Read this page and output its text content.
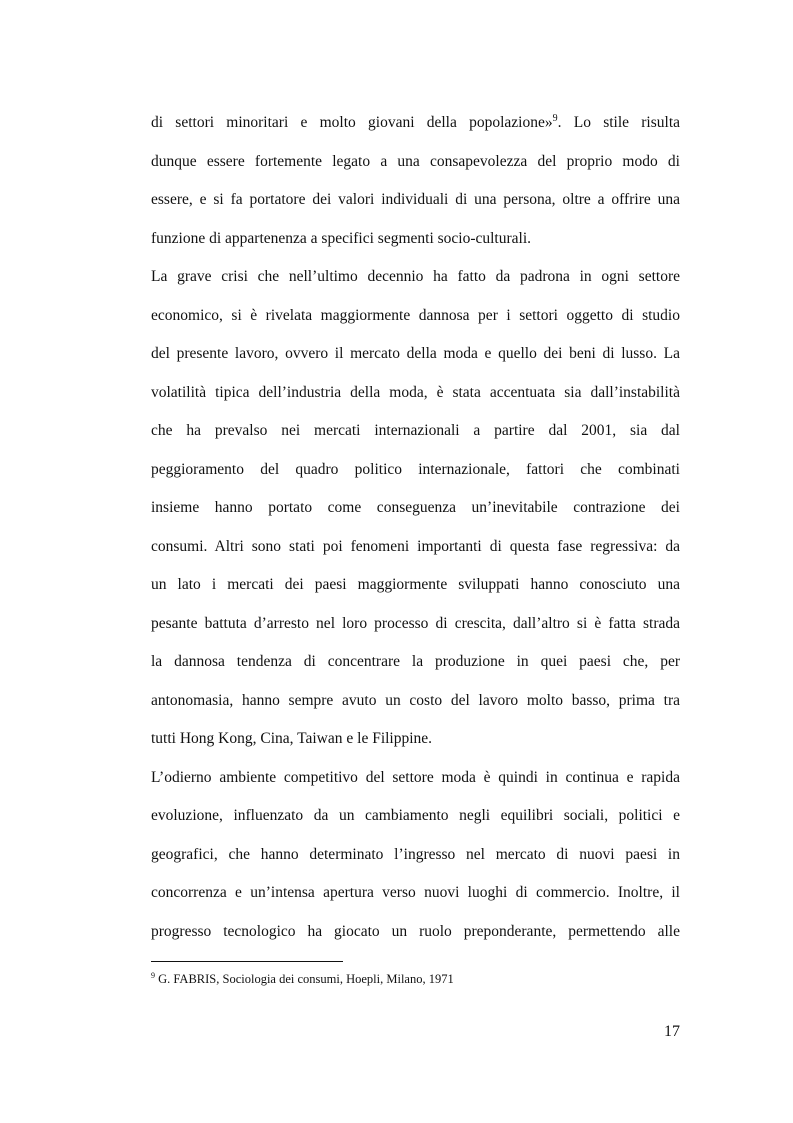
di settori minoritari e molto giovani della popolazione»$^9$. Lo stile risulta
dunque essere fortemente legato a una consapevolezza del proprio modo di
essere, e si fa portatore dei valori individuali di una persona, oltre a offrire una
funzione di appartenenza a specifici segmenti socio-culturali.
La grave crisi che nell’ultimo decennio ha fatto da padrona in ogni settore
economico, si è rivelata maggiormente dannosa per i settori oggetto di studio
del presente lavoro, ovvero il mercato della moda e quello dei beni di lusso. La
volatilità tipica dell’industria della moda, è stata accentuata sia dall’instabilità
che ha prevalso nei mercati internazionali a partire dal 2001, sia dal
peggioramento del quadro politico internazionale, fattori che combinati
insieme hanno portato come conseguenza un’inevitabile contrazione dei
consumi. Altri sono stati poi fenomeni importanti di questa fase regressiva: da
un lato i mercati dei paesi maggiormente sviluppati hanno conosciuto una
pesante battuta d’arresto nel loro processo di crescita, dall’altro si è fatta strada
la dannosa tendenza di concentrare la produzione in quei paesi che, per
antonomasia, hanno sempre avuto un costo del lavoro molto basso, prima tra
tutti Hong Kong, Cina, Taiwan e le Filippine.
L’odierno ambiente competitivo del settore moda è quindi in continua e rapida
evoluzione, influenzato da un cambiamento negli equilibri sociali, politici e
geografici, che hanno determinato l’ingresso nel mercato di nuovi paesi in
concorrenza e un’intensa apertura verso nuovi luoghi di commercio. Inoltre, il
progresso tecnologico ha giocato un ruolo preponderante, permettendo alle
$^9$ G. FABRIS, Sociologia dei consumi, Hoepli, Milano, 1971
17
